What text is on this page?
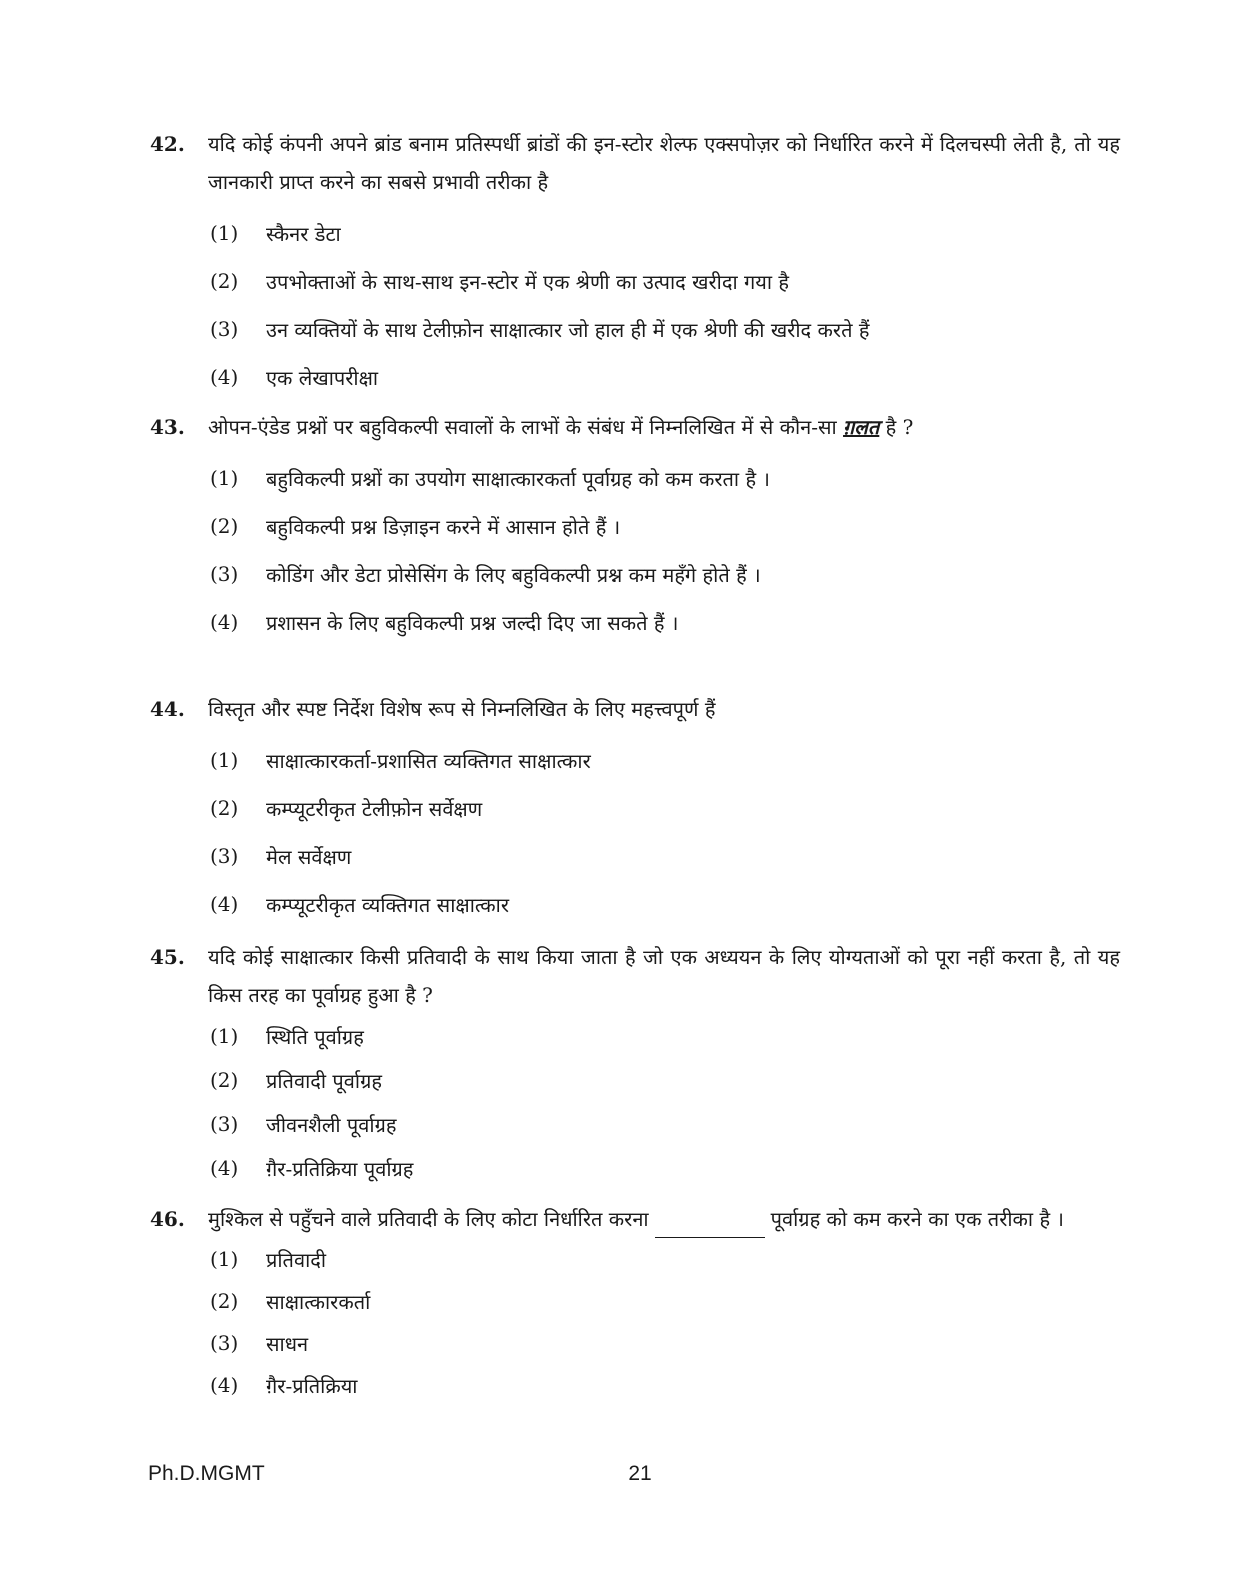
42.	यदि कोई कंपनी अपने ब्रांड बनाम प्रतिस्पर्धी ब्रांडों की इन-स्टोर शेल्फ एक्सपोज़र को निर्धारित करने में दिलचस्पी लेती है, तो यह जानकारी प्राप्त करने का सबसे प्रभावी तरीका है
(1)	स्कैनर डेटा
(2)	उपभोक्ताओं के साथ-साथ इन-स्टोर में एक श्रेणी का उत्पाद खरीदा गया है
(3)	उन व्यक्तियों के साथ टेलीफ़ोन साक्षात्कार जो हाल ही में एक श्रेणी की खरीद करते हैं
(4)	एक लेखापरीक्षा
43.	ओपन-एंडेड प्रश्नों पर बहुविकल्पी सवालों के लाभों के संबंध में निम्नलिखित में से कौन-सा ग़लत है ?
(1)	बहुविकल्पी प्रश्नों का उपयोग साक्षात्कारकर्ता पूर्वाग्रह को कम करता है ।
(2)	बहुविकल्पी प्रश्न डिज़ाइन करने में आसान होते हैं ।
(3)	कोडिंग और डेटा प्रोसेसिंग के लिए बहुविकल्पी प्रश्न कम महँगे होते हैं ।
(4)	प्रशासन के लिए बहुविकल्पी प्रश्न जल्दी दिए जा सकते हैं ।
44.	विस्तृत और स्पष्ट निर्देश विशेष रूप से निम्नलिखित के लिए महत्त्वपूर्ण हैं
(1)	साक्षात्कारकर्ता-प्रशासित व्यक्तिगत साक्षात्कार
(2)	कम्प्यूटरीकृत टेलीफ़ोन सर्वेक्षण
(3)	मेल सर्वेक्षण
(4)	कम्प्यूटरीकृत व्यक्तिगत साक्षात्कार
45.	यदि कोई साक्षात्कार किसी प्रतिवादी के साथ किया जाता है जो एक अध्ययन के लिए योग्यताओं को पूरा नहीं करता है, तो यह किस तरह का पूर्वाग्रह हुआ है ?
(1)	स्थिति पूर्वाग्रह
(2)	प्रतिवादी पूर्वाग्रह
(3)	जीवनशैली पूर्वाग्रह
(4)	ग़ैर-प्रतिक्रिया पूर्वाग्रह
46.	मुश्किल से पहुँचने वाले प्रतिवादी के लिए कोटा निर्धारित करना	पूर्वाग्रह को कम करने का एक तरीका है ।
(1)	प्रतिवादी
(2)	साक्षात्कारकर्ता
(3)	साधन
(4)	ग़ैर-प्रतिक्रिया
Ph.D.MGMT	21
